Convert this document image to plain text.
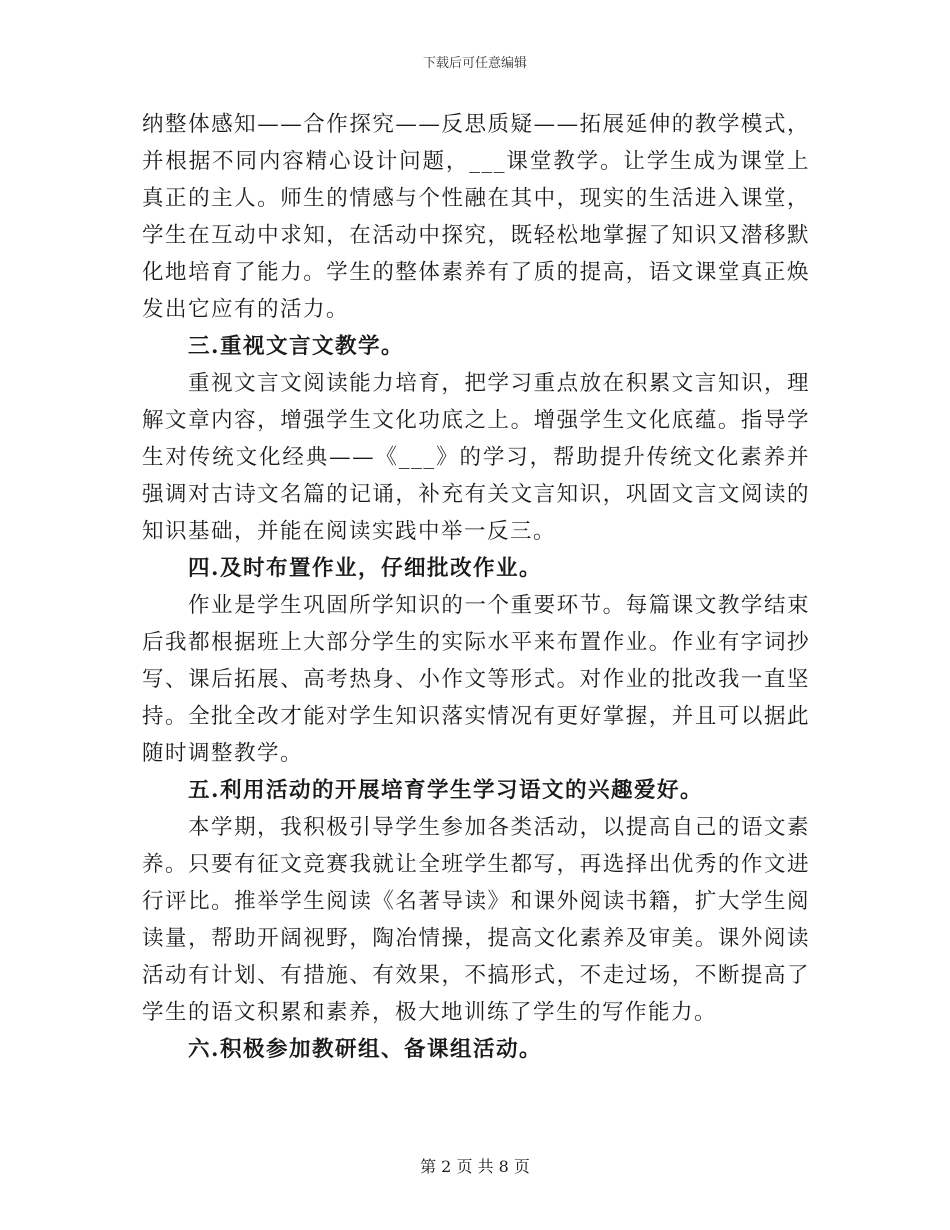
下载后可任意编辑

纳整体感知——合作探究——反思质疑——拓展延伸的教学模式，并根据不同内容精心设计问题，___课堂教学。让学生成为课堂上真正的主人。师生的情感与个性融在其中，现实的生活进入课堂，学生在互动中求知，在活动中探究，既轻松地掌握了知识又潜移默化地培育了能力。学生的整体素养有了质的提高，语文课堂真正焕发出它应有的活力。

三.重视文言文教学。

重视文言文阅读能力培育，把学习重点放在积累文言知识，理解文章内容，增强学生文化功底之上。增强学生文化底蕴。指导学生对传统文化经典——《___》的学习，帮助提升传统文化素养并强调对古诗文名篇的记诵，补充有关文言知识，巩固文言文阅读的知识基础，并能在阅读实践中举一反三。

四.及时布置作业，仔细批改作业。

作业是学生巩固所学知识的一个重要环节。每篇课文教学结束后我都根据班上大部分学生的实际水平来布置作业。作业有字词抄写、课后拓展、高考热身、小作文等形式。对作业的批改我一直坚持。全批全改才能对学生知识落实情况有更好掌握，并且可以据此随时调整教学。

五.利用活动的开展培育学生学习语文的兴趣爱好。

本学期，我积极引导学生参加各类活动，以提高自己的语文素养。只要有征文竞赛我就让全班学生都写，再选择出优秀的作文进行评比。推举学生阅读《名著导读》和课外阅读书籍，扩大学生阅读量，帮助开阔视野，陶冶情操，提高文化素养及审美。课外阅读活动有计划、有措施、有效果，不搞形式，不走过场，不断提高了学生的语文积累和素养，极大地训练了学生的写作能力。

六.积极参加教研组、备课组活动。

第 2 页 共 8 页
